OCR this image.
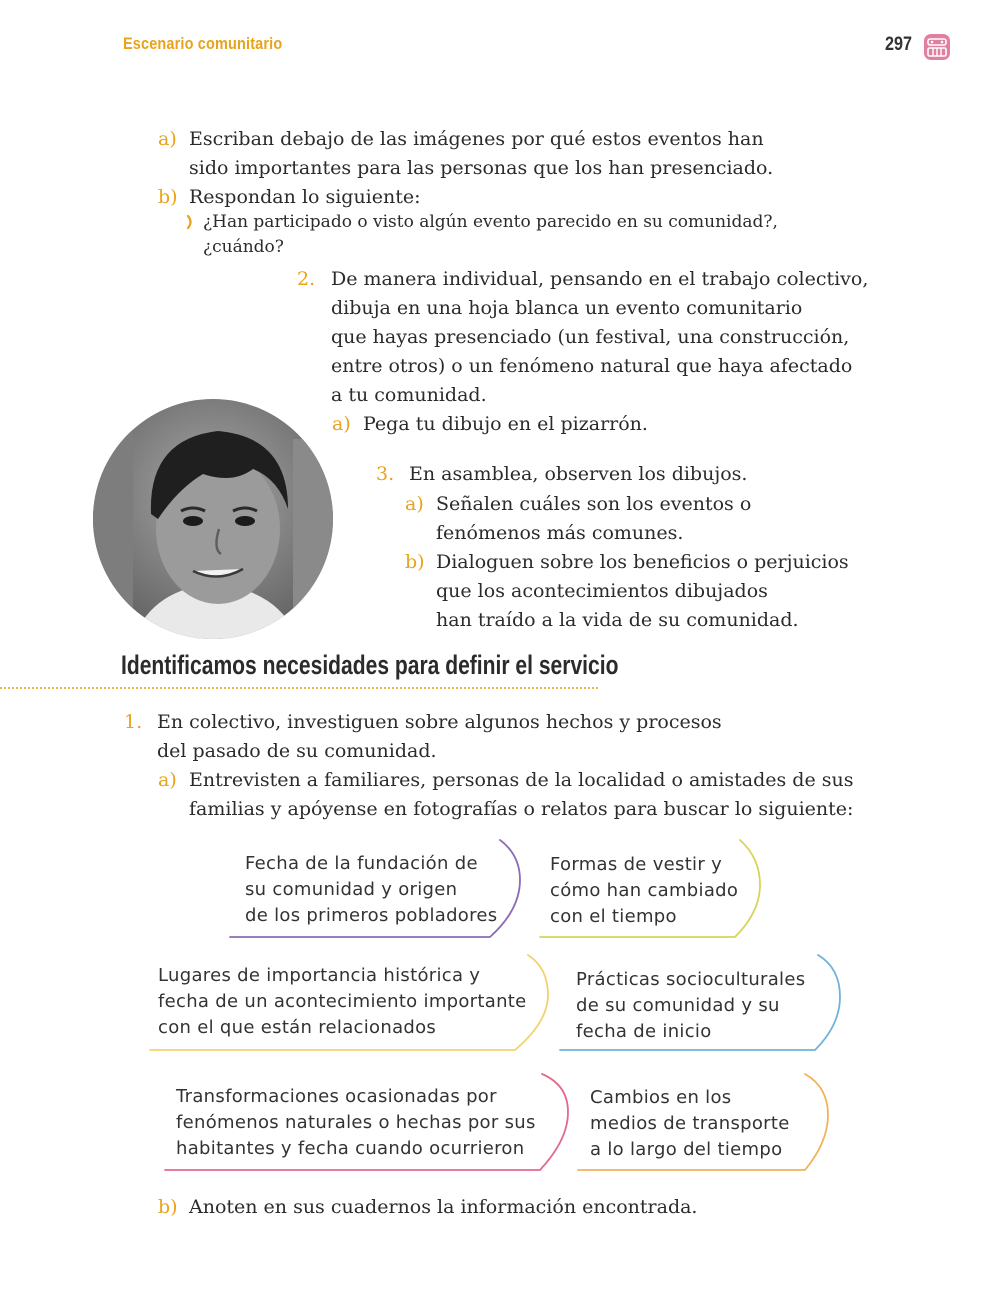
Escenario comunitario	297
a) Escriban debajo de las imágenes por qué estos eventos han
sido importantes para las personas que los han presenciado.
b) Respondan lo siguiente:
¿Han participado o visto algún evento parecido en su comunidad?,
¿cuándo?
2. De manera individual, pensando en el trabajo colectivo,
dibuja en una hoja blanca un evento comunitario
que hayas presenciado (un festival, una construcción,
entre otros) o un fenómeno natural que haya afectado
a tu comunidad.
a) Pega tu dibujo en el pizarrón.
3. En asamblea, observen los dibujos.
a) Señalen cuáles son los eventos o
fenómenos más comunes.
b) Dialoguen sobre los beneficios o perjuicios
que los acontecimientos dibujados
han traído a la vida de su comunidad.
Identificamos necesidades para definir el servicio
1. En colectivo, investiguen sobre algunos hechos y procesos
del pasado de su comunidad.
a) Entrevisten a familiares, personas de la localidad o amistades de sus
familias y apóyense en fotografías o relatos para buscar lo siguiente:
Fecha de la fundación de
su comunidad y origen
de los primeros pobladores
Formas de vestir y
cómo han cambiado
con el tiempo
Lugares de importancia histórica y
fecha de un acontecimiento importante
con el que están relacionados
Prácticas socioculturales
de su comunidad y su
fecha de inicio
Transformaciones ocasionadas por
fenómenos naturales o hechas por sus
habitantes y fecha cuando ocurrieron
Cambios en los
medios de transporte
a lo largo del tiempo
b) Anoten en sus cuadernos la información encontrada.
